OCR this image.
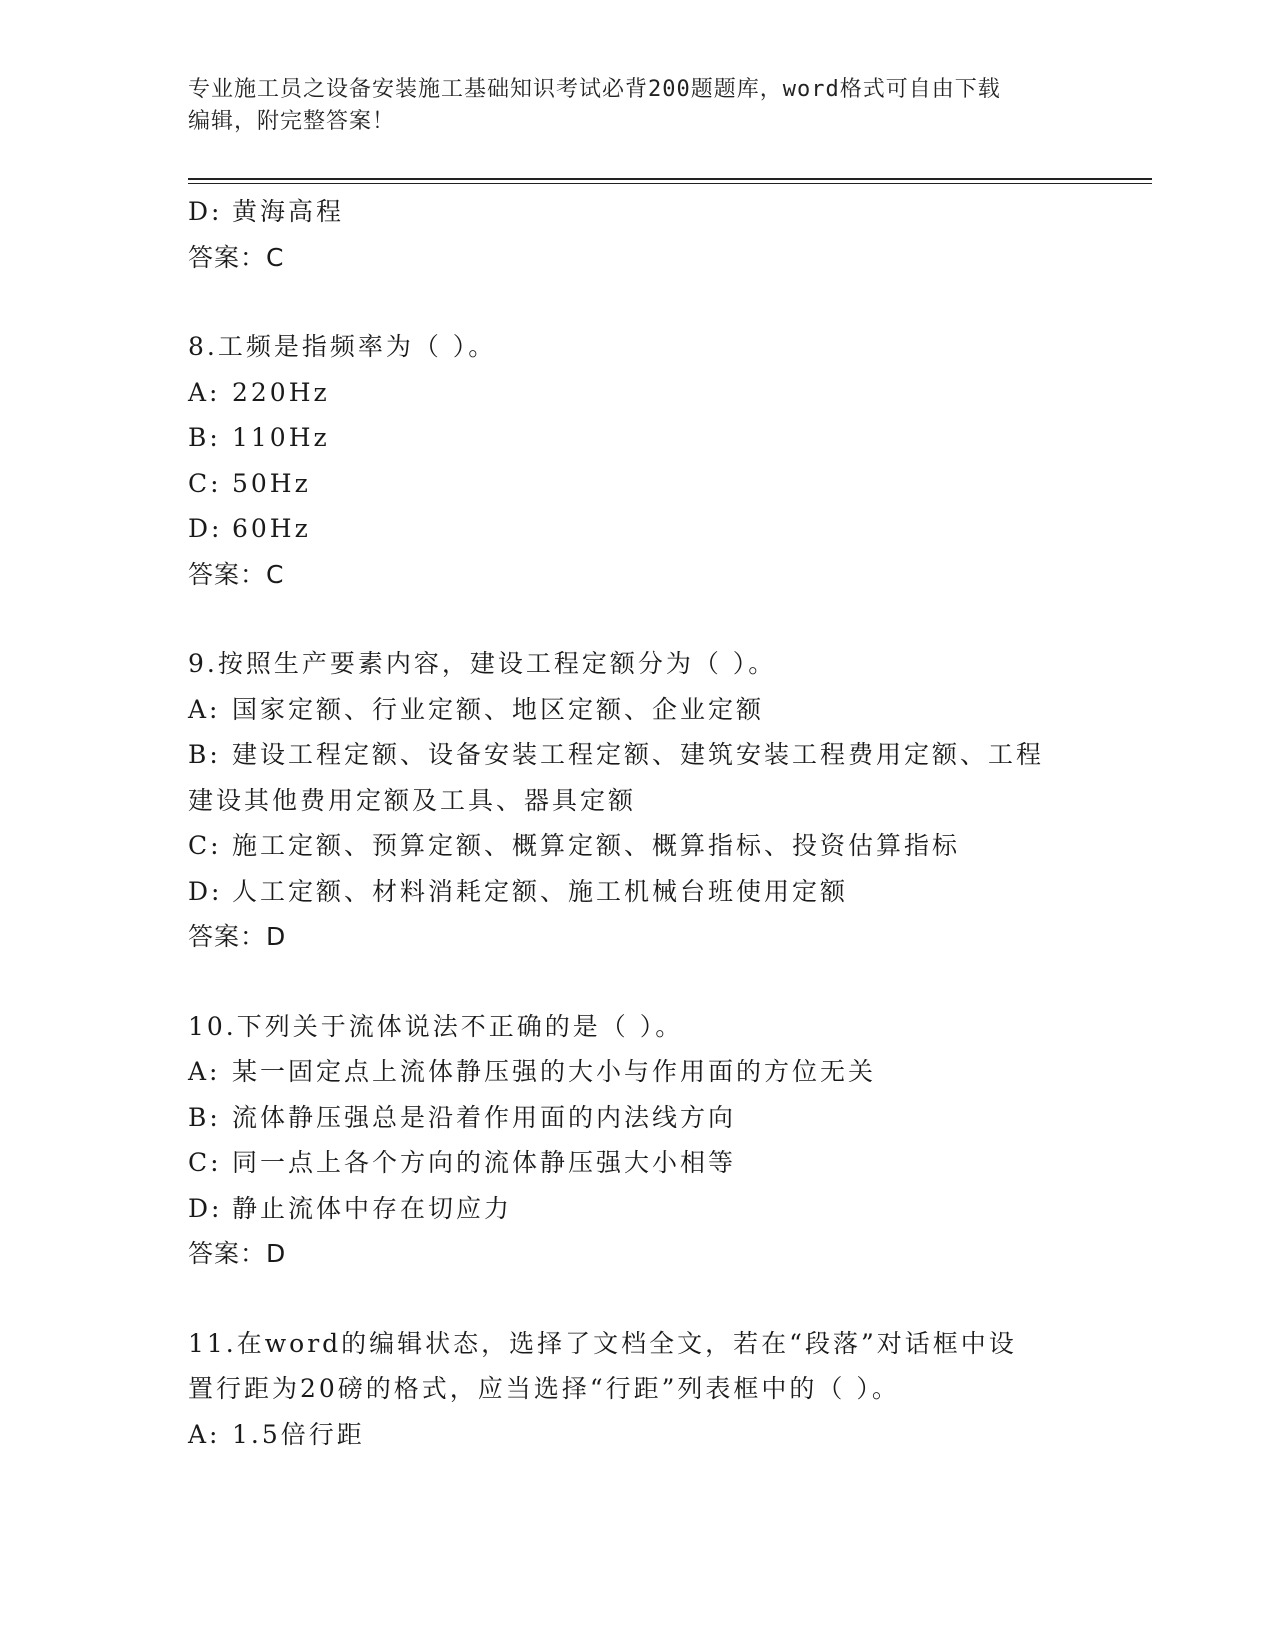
专业施工员之设备安装施工基础知识考试必背200题题库，word格式可自由下载
编辑，附完整答案！
D: 黄海高程
答案：C
8.工频是指频率为（ ）。
A: 220Hz
B: 110Hz
C: 50Hz
D: 60Hz
答案：C
9.按照生产要素内容，建设工程定额分为（ ）。
A: 国家定额、行业定额、地区定额、企业定额
B: 建设工程定额、设备安装工程定额、建筑安装工程费用定额、工程
建设其他费用定额及工具、器具定额
C: 施工定额、预算定额、概算定额、概算指标、投资估算指标
D: 人工定额、材料消耗定额、施工机械台班使用定额
答案：D
10.下列关于流体说法不正确的是（ ）。
A: 某一固定点上流体静压强的大小与作用面的方位无关
B: 流体静压强总是沿着作用面的内法线方向
C: 同一点上各个方向的流体静压强大小相等
D: 静止流体中存在切应力
答案：D
11.在word的编辑状态，选择了文档全文，若在“段落”对话框中设
置行距为20磅的格式，应当选择“行距”列表框中的（ ）。
A: 1.5倍行距
